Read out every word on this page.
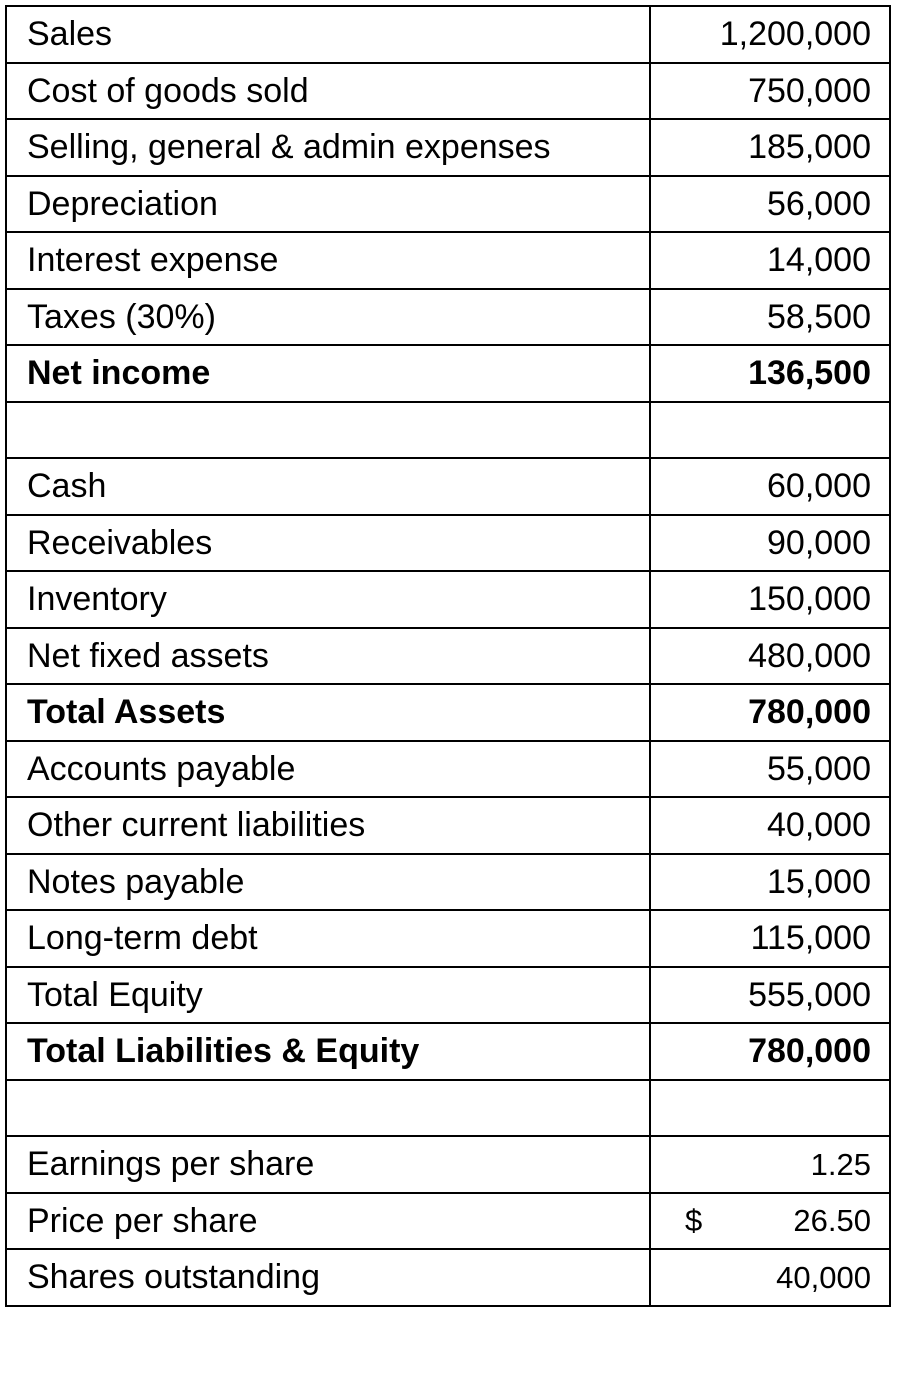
Sales	1,200,000
Cost of goods sold	750,000
Selling, general & admin expenses	185,000
Depreciation	56,000
Interest expense	14,000
Taxes (30%)	58,500
Net income	136,500

Cash	60,000
Receivables	90,000
Inventory	150,000
Net fixed assets	480,000
Total Assets	780,000
Accounts payable	55,000
Other current liabilities	40,000
Notes payable	15,000
Long-term debt	115,000
Total Equity	555,000
Total Liabilities & Equity	780,000

Earnings per share	1.25
Price per share	$ 26.50

Shares outstanding	40,000
